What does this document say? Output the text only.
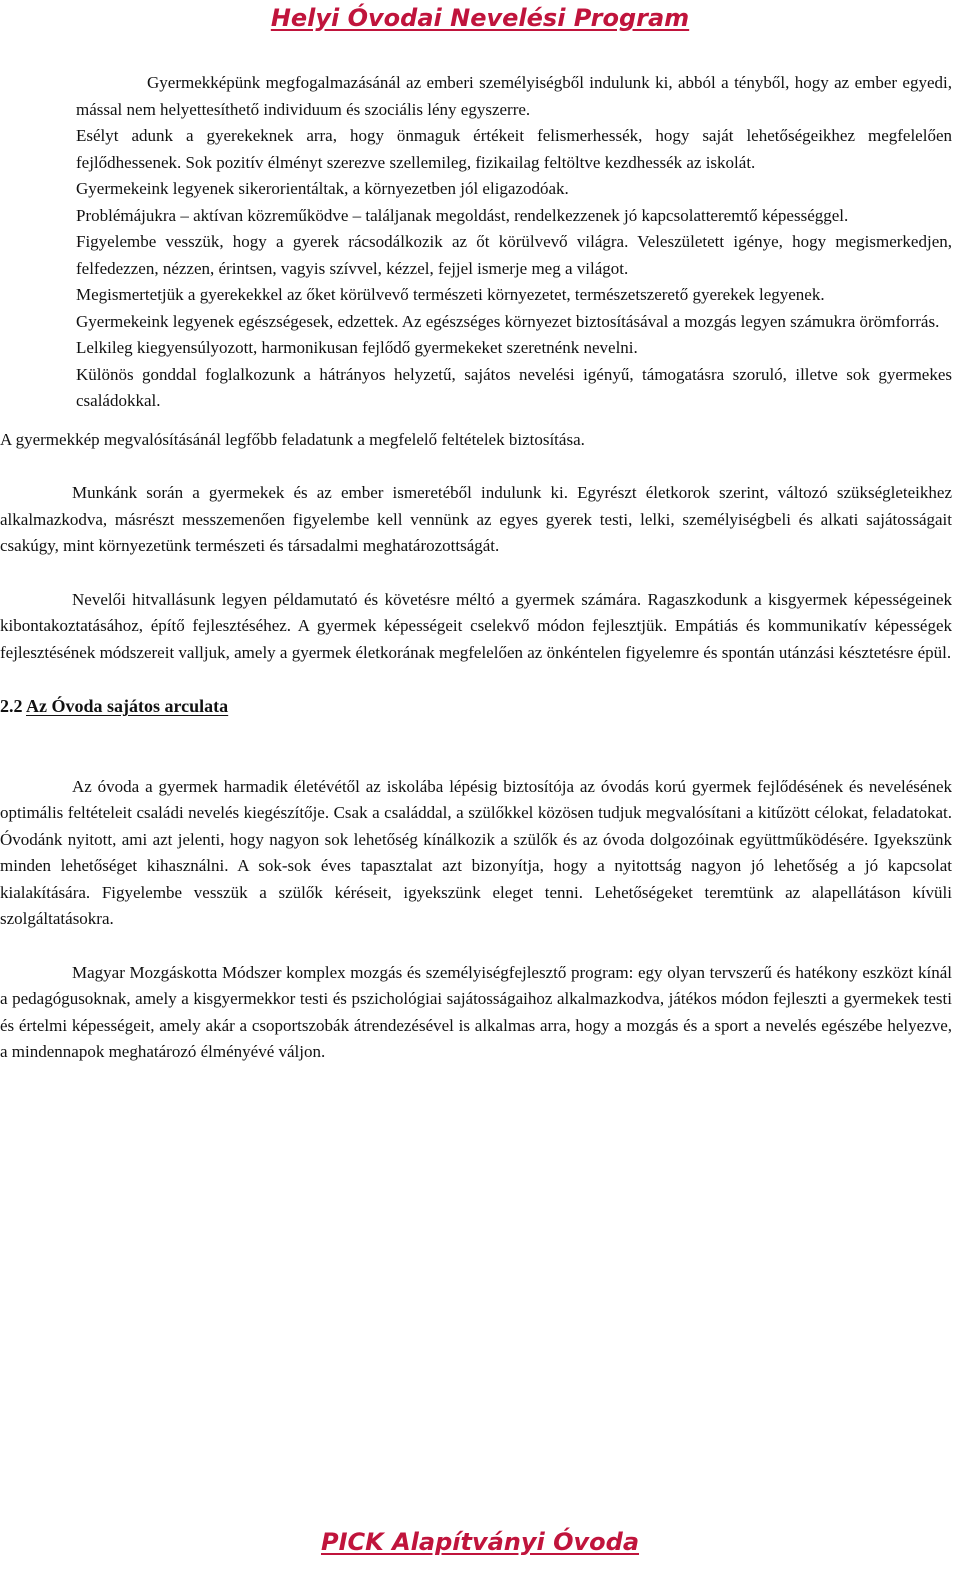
Helyi Óvodai Nevelési Program

Gyermekképünk megfogalmazásánál az emberi személyiségből indulunk ki, abból a tényből, hogy az ember egyedi, mással nem helyettesíthető individuum és szociális lény egyszerre.

Esélyt adunk a gyerekeknek arra, hogy önmaguk értékeit felismerhessék, hogy saját lehetőségeikhez megfelelően fejlődhessenek. Sok pozitív élményt szerezve szellemileg, fizikailag feltöltve kezdhessék az iskolát.

Gyermekeink legyenek sikerorientáltak, a környezetben jól eligazodóak.

Problémájukra – aktívan közreműködve – találjanak megoldást, rendelkezzenek jó kapcsolatteremtő képességgel.

Figyelembe vesszük, hogy a gyerek rácsodálkozik az őt körülvevő világra. Veleszületett igénye, hogy megismerkedjen, felfedezzen, nézzen, érintsen, vagyis szívvel, kézzel, fejjel ismerje meg a világot.

Megismertetjük a gyerekekkel az őket körülvevő természeti környezetet, természetszerető gyerekek legyenek.

Gyermekeink legyenek egészségesek, edzettek. Az egészséges környezet biztosításával a mozgás legyen számukra örömforrás.

Lelkileg kiegyensúlyozott, harmonikusan fejlődő gyermekeket szeretnénk nevelni.

Különös gonddal foglalkozunk a hátrányos helyzetű, sajátos nevelési igényű, támogatásra szoruló, illetve sok gyermekes családokkal.

A gyermekkép megvalósításánál legfőbb feladatunk a megfelelő feltételek biztosítása.

Munkánk során a gyermekek és az ember ismeretéből indulunk ki. Egyrészt életkorok szerint, változó szükségleteikhez alkalmazkodva, másrészt messzemenően figyelembe kell vennünk az egyes gyerek testi, lelki, személyiségbeli és alkati sajátosságait csakúgy, mint környezetünk természeti és társadalmi meghatározottságát.

Nevelői hitvallásunk legyen példamutató és követésre méltó a gyermek számára. Ragaszkodunk a kisgyermek képességeinek kibontakoztatásához, építő fejlesztéséhez. A gyermek képességeit cselekvő módon fejlesztjük. Empátiás és kommunikatív képességek fejlesztésének módszereit valljuk, amely a gyermek életkorának megfelelően az önkéntelen figyelemre és spontán utánzási késztetésre épül.

2.2 Az Óvoda sajátos arculata

Az óvoda a gyermek harmadik életévétől az iskolába lépésig biztosítója az óvodás korú gyermek fejlődésének és nevelésének optimális feltételeit családi nevelés kiegészítője. Csak a családdal, a szülőkkel közösen tudjuk megvalósítani a kitűzött célokat, feladatokat. Óvodánk nyitott, ami azt jelenti, hogy nagyon sok lehetőség kínálkozik a szülők és az óvoda dolgozóinak együttműködésére. Igyekszünk minden lehetőséget kihasználni. A sok-sok éves tapasztalat azt bizonyítja, hogy a nyitottság nagyon jó lehetőség a jó kapcsolat kialakítására. Figyelembe vesszük a szülők kéréseit, igyekszünk eleget tenni. Lehetőségeket teremtünk az alapellátáson kívüli szolgáltatásokra.

Magyar Mozgáskotta Módszer komplex mozgás és személyiségfejlesztő program: egy olyan tervszerű és hatékony eszközt kínál a pedagógusoknak, amely a kisgyermekkor testi és pszichológiai sajátosságaihoz alkalmazkodva, játékos módon fejleszti a gyermekek testi és értelmi képességeit, amely akár a csoportszobák átrendezésével is alkalmas arra, hogy a mozgás és a sport a nevelés egészébe helyezve, a mindennapok meghatározó élményévé váljon.

PICK Alapítványi Óvoda
